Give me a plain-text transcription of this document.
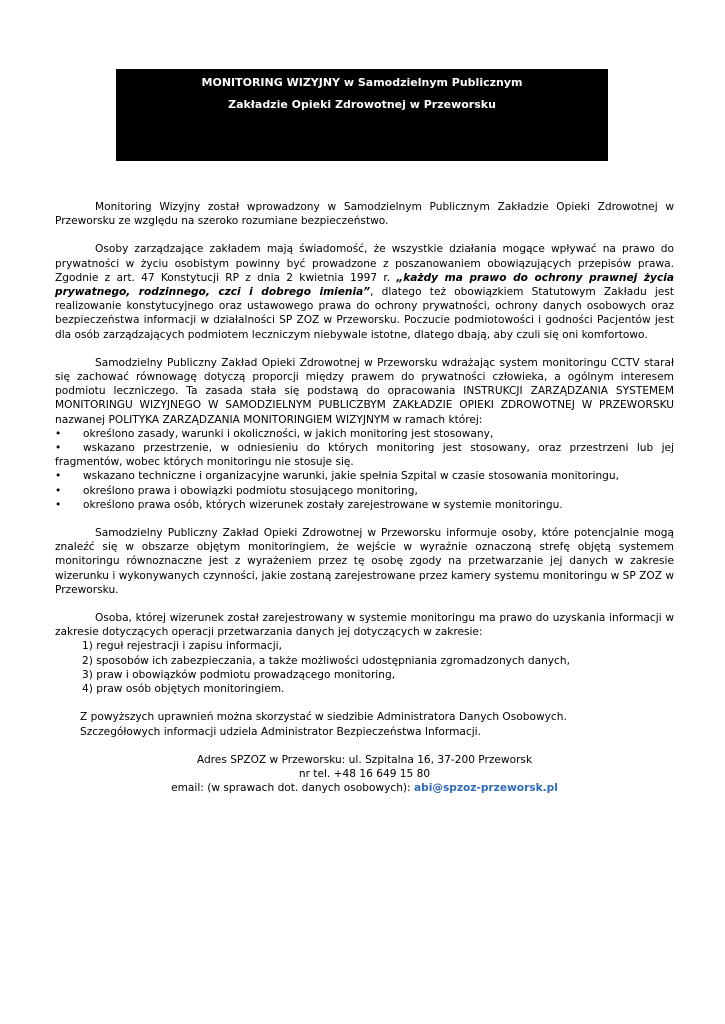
MONITORING WIZYJNY w Samodzielnym Publicznym
Zakładzie Opieki Zdrowotnej w Przeworsku

Monitoring Wizyjny został wprowadzony w Samodzielnym Publicznym Zakładzie Opieki Zdrowotnej w Przeworsku ze względu na szeroko rozumiane bezpieczeństwo.

Osoby zarządzające zakładem mają świadomość, że wszystkie działania mogące wpływać na prawo do prywatności w życiu osobistym powinny być prowadzone z poszanowaniem obowiązujących przepisów prawa. Zgodnie z art. 47 Konstytucji RP z dnia 2 kwietnia 1997 r. „każdy ma prawo do ochrony prawnej życia prywatnego, rodzinnego, czci i dobrego imienia”, dlatego też obowiązkiem Statutowym Zakładu jest realizowanie konstytucyjnego oraz ustawowego prawa do ochrony prywatności, ochrony danych osobowych oraz bezpieczeństwa informacji w działalności SP ZOZ w Przeworsku. Poczucie podmiotowości i godności Pacjentów jest dla osób zarządzających podmiotem leczniczym niebywale istotne, dlatego dbają, aby czuli się oni komfortowo.

Samodzielny Publiczny Zakład Opieki Zdrowotnej w Przeworsku wdrażając system monitoringu CCTV starał się zachować równowagę dotyczą proporcji między prawem do prywatności człowieka, a ogólnym interesem podmiotu leczniczego. Ta zasada stała się podstawą do opracowania INSTRUKCJI ZARZĄDZANIA SYSTEMEM MONITORINGU WIZYJNEGO W SAMODZIELNYM PUBLICZBYM ZAKŁADZIE OPIEKI ZDROWOTNEJ W PRZEWORSKU nazwanej POLITYKA ZARZĄDZANIA MONITORINGIEM WIZYJNYM w ramach której:

• określono zasady, warunki i okoliczności, w jakich monitoring jest stosowany,
• wskazano przestrzenie, w odniesieniu do których monitoring jest stosowany, oraz przestrzeni lub jej fragmentów, wobec których monitoringu nie stosuje się.
• wskazano techniczne i organizacyjne warunki, jakie spełnia Szpital w czasie stosowania monitoringu,
• określono prawa i obowiązki podmiotu stosującego monitoring,
• określono prawa osób, których wizerunek zostały zarejestrowane w systemie monitoringu.

Samodzielny Publiczny Zakład Opieki Zdrowotnej w Przeworsku informuje osoby, które potencjalnie mogą znaleźć się w obszarze objętym monitoringiem, że wejście w wyraźnie oznaczoną strefę objętą systemem monitoringu równoznaczne jest z wyrażeniem przez tę osobę zgody na przetwarzanie jej danych w zakresie wizerunku i wykonywanych czynności, jakie zostaną zarejestrowane przez kamery systemu monitoringu w SP ZOZ w Przeworsku.

Osoba, której wizerunek został zarejestrowany w systemie monitoringu ma prawo do uzyskania informacji w zakresie dotyczących operacji przetwarzania danych jej dotyczących w zakresie:

1) reguł rejestracji i zapisu informacji,
2) sposobów ich zabezpieczania, a także możliwości udostępniania zgromadzonych danych,
3) praw i obowiązków podmiotu prowadzącego monitoring,
4) praw osób objętych monitoringiem.

Z powyższych uprawnień można skorzystać w siedzibie Administratora Danych Osobowych.

Szczegółowych informacji udziela Administrator Bezpieczeństwa Informacji.

Adres SPZOZ w Przeworsku: ul. Szpitalna 16, 37-200 Przeworsk
nr tel. +48 16 649 15 80
email: (w sprawach dot. danych osobowych): abi@spzoz-przeworsk.pl
